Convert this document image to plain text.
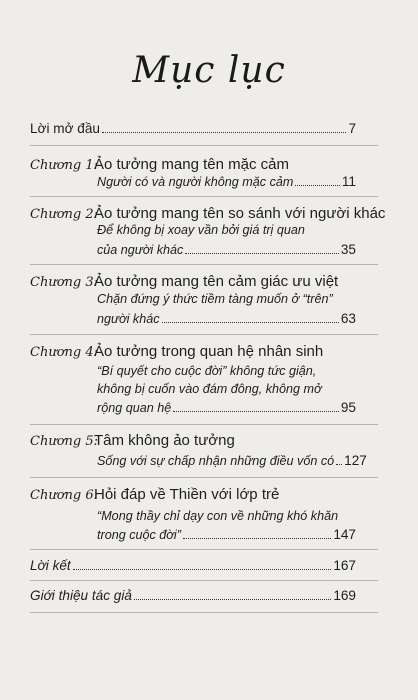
Mục lục
Lời mở đầu	7
Chương 1:
Ảo tưởng mang tên mặc cảm
Người có và người không mặc cảm	11
Chương 2:
Ảo tưởng mang tên so sánh với người khác
Để không bị xoay vần bởi giá trị quan
của người khác	35
Chương 3:
Ảo tưởng mang tên cảm giác ưu việt
Chặn đứng ý thức tiềm tàng muốn ở “trên”
người khác	63
Chương 4:
Ảo tưởng trong quan hệ nhân sinh
“Bí quyết cho cuộc đời” không tức giận,
không bị cuốn vào đám đông, không mở
rộng quan hệ	95
Chương 5:
Tâm không ảo tưởng
Sống với sự chấp nhận những điều vốn có 127
Chương 6:
Hỏi đáp về Thiền với lớp trẻ
“Mong thầy chỉ dạy con về những khó khăn
trong cuộc đời”	147
Lời kết	167
Giới thiệu tác giả	169
